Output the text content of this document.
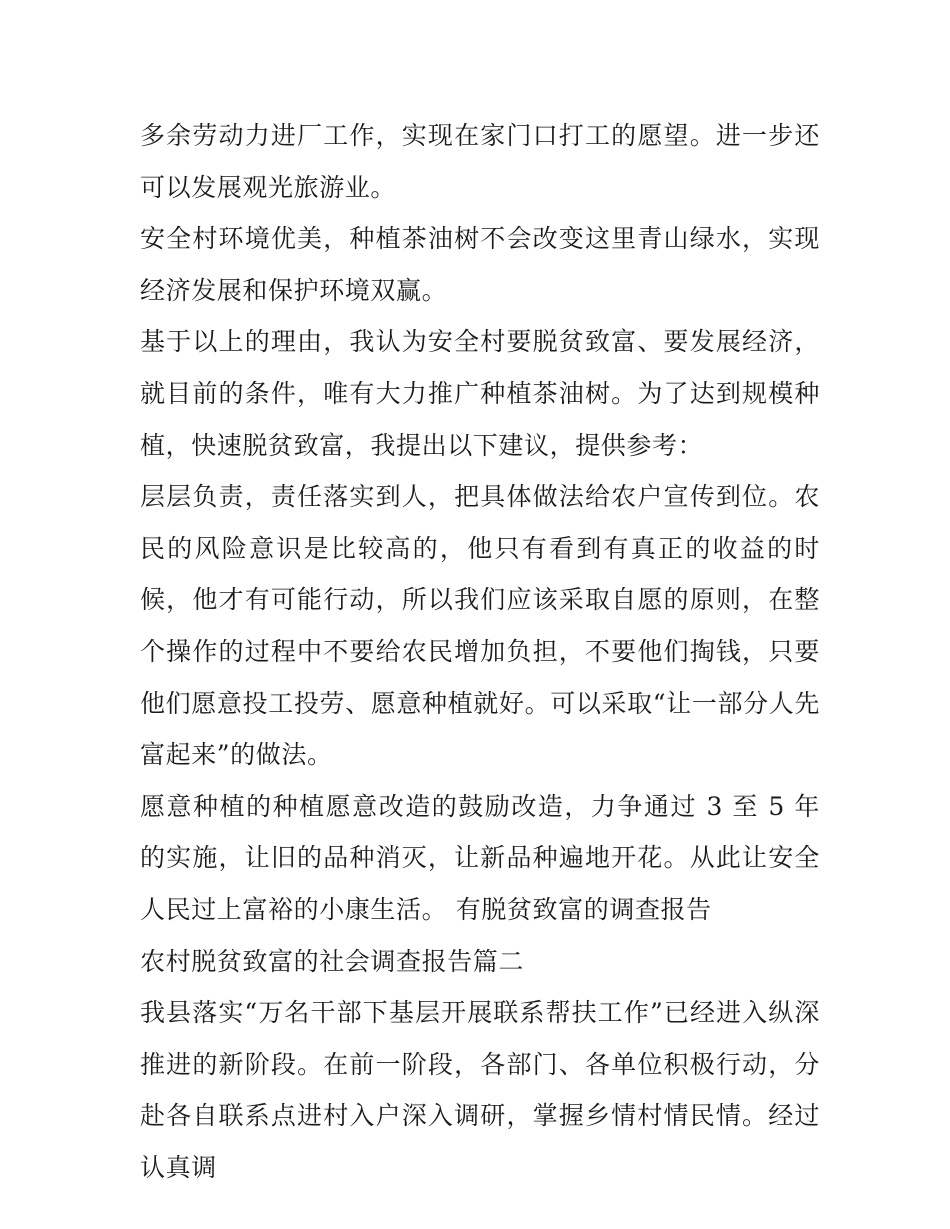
多余劳动力进厂工作，实现在家门口打工的愿望。进一步还可以发展观光旅游业。

安全村环境优美，种植茶油树不会改变这里青山绿水，实现经济发展和保护环境双赢。

基于以上的理由，我认为安全村要脱贫致富、要发展经济，就目前的条件，唯有大力推广种植茶油树。为了达到规模种植，快速脱贫致富，我提出以下建议，提供参考：

层层负责，责任落实到人，把具体做法给农户宣传到位。农民的风险意识是比较高的，他只有看到有真正的收益的时候，他才有可能行动，所以我们应该采取自愿的原则，在整个操作的过程中不要给农民增加负担，不要他们掏钱，只要他们愿意投工投劳、愿意种植就好。可以采取“让一部分人先富起来”的做法。

愿意种植的种植愿意改造的鼓励改造，力争通过 3 至 5 年的实施，让旧的品种消灭，让新品种遍地开花。从此让安全人民过上富裕的小康生活。 有脱贫致富的调查报告

农村脱贫致富的社会调查报告篇二

我县落实“万名干部下基层开展联系帮扶工作”已经进入纵深推进的新阶段。在前一阶段，各部门、各单位积极行动，分赴各自联系点进村入户深入调研，掌握乡情村情民情。经过认真调
